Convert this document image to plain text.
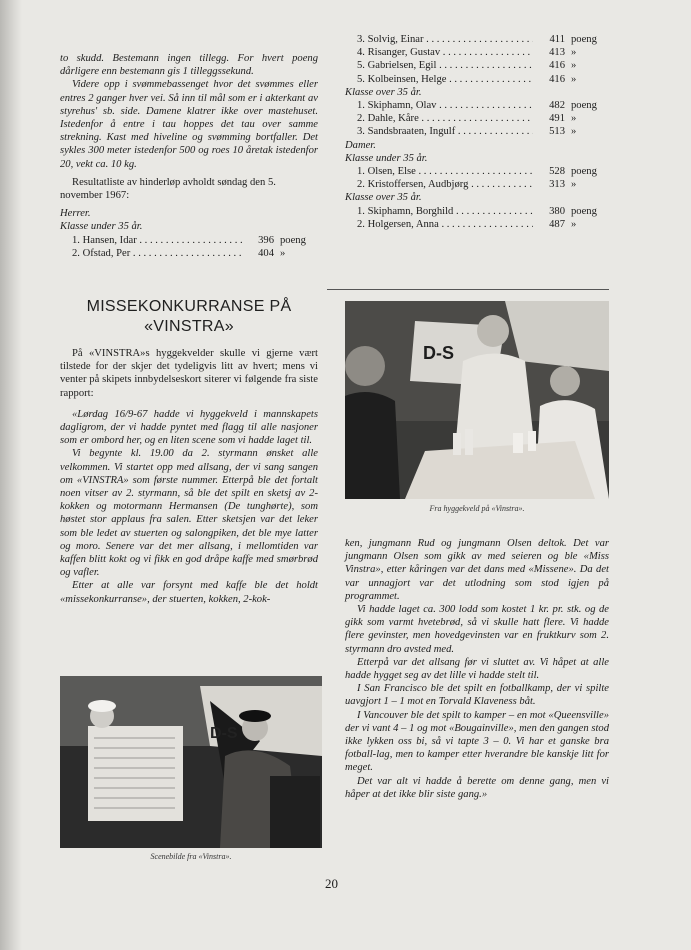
to skudd. Bestemann ingen tillegg. For hvert poeng dårligere enn bestemann gis 1 tilleggssekund.

Videre opp i svømmebassenget hvor det svømmes eller entres 2 ganger hver vei. Så inn til mål som er i akterkant av styrehus' sb. side. Damene klatrer ikke over mastehuset. Istedenfor å entre i tau hoppes det tau over samme strekning. Kast med hiveline og svømming bortfaller. Det sykles 300 meter istedenfor 500 og roes 10 åretak istedenfor 20, vekt ca. 10 kg.

Resultatliste av hinderløp avholdt søndag den 5. november 1967:

Herrer.

Klasse under 35 år.

1. Hansen, Idar . . .	396 poeng
2. Ofstad, Per . . .	404 »
3. Solvig, Einar . . .	411 poeng
4. Risanger, Gustav . . .	413 »
5. Gabrielsen, Egil . . .	416 »
5. Kolbeinsen, Helge . . .	416 »

Klasse over 35 år.

1. Skiphamn, Olav . . .	482 poeng
2. Dahle, Kåre . . .	491 »
3. Sandsbraaten, Ingulf . . .	513 »

Damer.

Klasse under 35 år.

1. Olsen, Else . . .	528 poeng
2. Kristoffersen, Audbjørg . . .	313 »

Klasse over 35 år.

1. Skiphamn, Borghild . . .	380 poeng
2. Holgersen, Anna . . .	487 »
MISSEKONKURRANSE PÅ
«VINSTRA»

På «VINSTRA»s hyggekvelder skulle vi gjerne vært tilstede for der skjer det tydeligvis litt av hvert; mens vi venter på skipets innbydelseskort siterer vi følgende fra siste rapport:

«Lørdag 16/9-67 hadde vi hyggekveld i mannskapets dagligrom, der vi hadde pyntet med flagg til alle nasjoner som er ombord her, og en liten scene som vi hadde laget til.

Vi begynte kl. 19.00 da 2. styrmann ønsket alle velkommen. Vi startet opp med allsang, der vi sang sangen om «VINSTRA» som første nummer. Etterpå ble det fortalt noen vitser av 2. styrmann, så ble det spilt en sketsj av 2-kokken og motormann Hermansen (De tunghørte), som høstet stor applaus fra salen. Etter sketsjen var det leker som ble ledet av stuerten og salongpiken, det ble mye latter og moro. Senere var det mer allsang, i mellomtiden var kaffen blitt kokt og vi fikk en god dråpe kaffe med smørbrød og vafler.

Etter at alle var forsynt med kaffe ble det holdt «missekonkurranse», der stuerten, kokken, 2-kok-

D-S
Scenebilde fra «Vinstra».
D-S
Fra hyggekveld på «Vinstra».

ken, jungmann Rud og jungmann Olsen deltok. Det var jungmann Olsen som gikk av med seieren og ble «Miss Vinstra», etter kåringen var det dans med «Missene». Da det var unnagjort var det utlodning som stod igjen på programmet.

Vi hadde laget ca. 300 lodd som kostet 1 kr. pr. stk. og de gikk som varmt hvetebrød, så vi skulle hatt flere. Vi hadde flere gevinster, men hovedgevinsten var en fruktkurv som 2. styrmann dro avsted med.

Etterpå var det allsang før vi sluttet av. Vi håpet at alle hadde hygget seg av det lille vi hadde stelt til.

I San Francisco ble det spilt en fotballkamp, der vi spilte uavgjort 1 – 1 mot en Torvald Klaveness båt.

I Vancouver ble det spilt to kamper – en mot «Queensville» der vi vant 4 – 1 og mot «Bougainville», men den gangen stod ikke lykken oss bi, så vi tapte 3 – 0. Vi har et ganske bra fotball-lag, men to kamper etter hverandre ble kanskje litt for meget.

Det var alt vi hadde å berette om denne gang, men vi håper at det ikke blir siste gang.»

20
